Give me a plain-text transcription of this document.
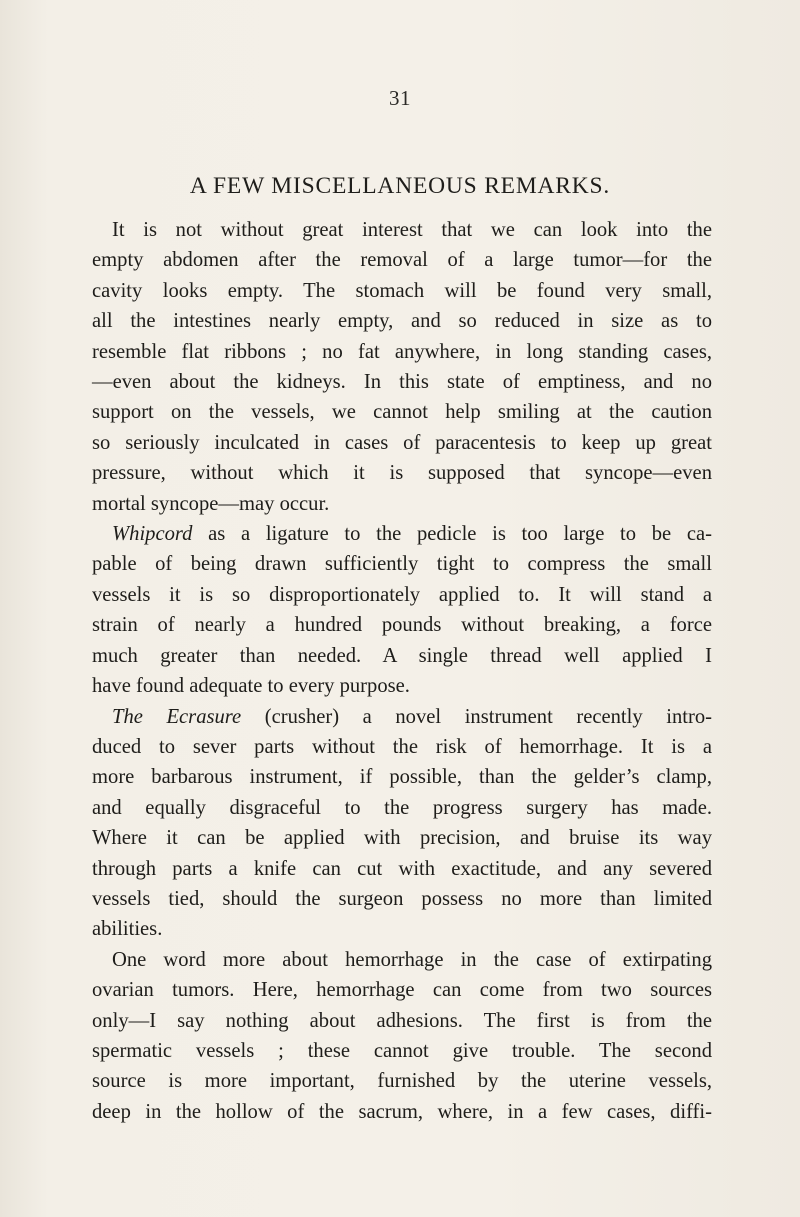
31
A FEW MISCELLANEOUS REMARKS.
It is not without great interest that we can look into the
empty abdomen after the removal of a large tumor—for the
cavity looks empty. The stomach will be found very small,
all the intestines nearly empty, and so reduced in size as to
resemble flat ribbons ; no fat anywhere, in long standing cases,
—even about the kidneys. In this state of emptiness, and no
support on the vessels, we cannot help smiling at the caution
so seriously inculcated in cases of paracentesis to keep up great
pressure, without which it is supposed that syncope—even
mortal syncope—may occur.
Whipcord as a ligature to the pedicle is too large to be ca-
pable of being drawn sufficiently tight to compress the small
vessels it is so disproportionately applied to. It will stand a
strain of nearly a hundred pounds without breaking, a force
much greater than needed. A single thread well applied I
have found adequate to every purpose.
The Ecrasure (crusher) a novel instrument recently intro-
duced to sever parts without the risk of hemorrhage. It is a
more barbarous instrument, if possible, than the gelder’s clamp,
and equally disgraceful to the progress surgery has made.
Where it can be applied with precision, and bruise its way
through parts a knife can cut with exactitude, and any severed
vessels tied, should the surgeon possess no more than limited
abilities.
One word more about hemorrhage in the case of extirpating
ovarian tumors. Here, hemorrhage can come from two sources
only—I say nothing about adhesions. The first is from the
spermatic vessels ; these cannot give trouble. The second
source is more important, furnished by the uterine vessels,
deep in the hollow of the sacrum, where, in a few cases, diffi-
